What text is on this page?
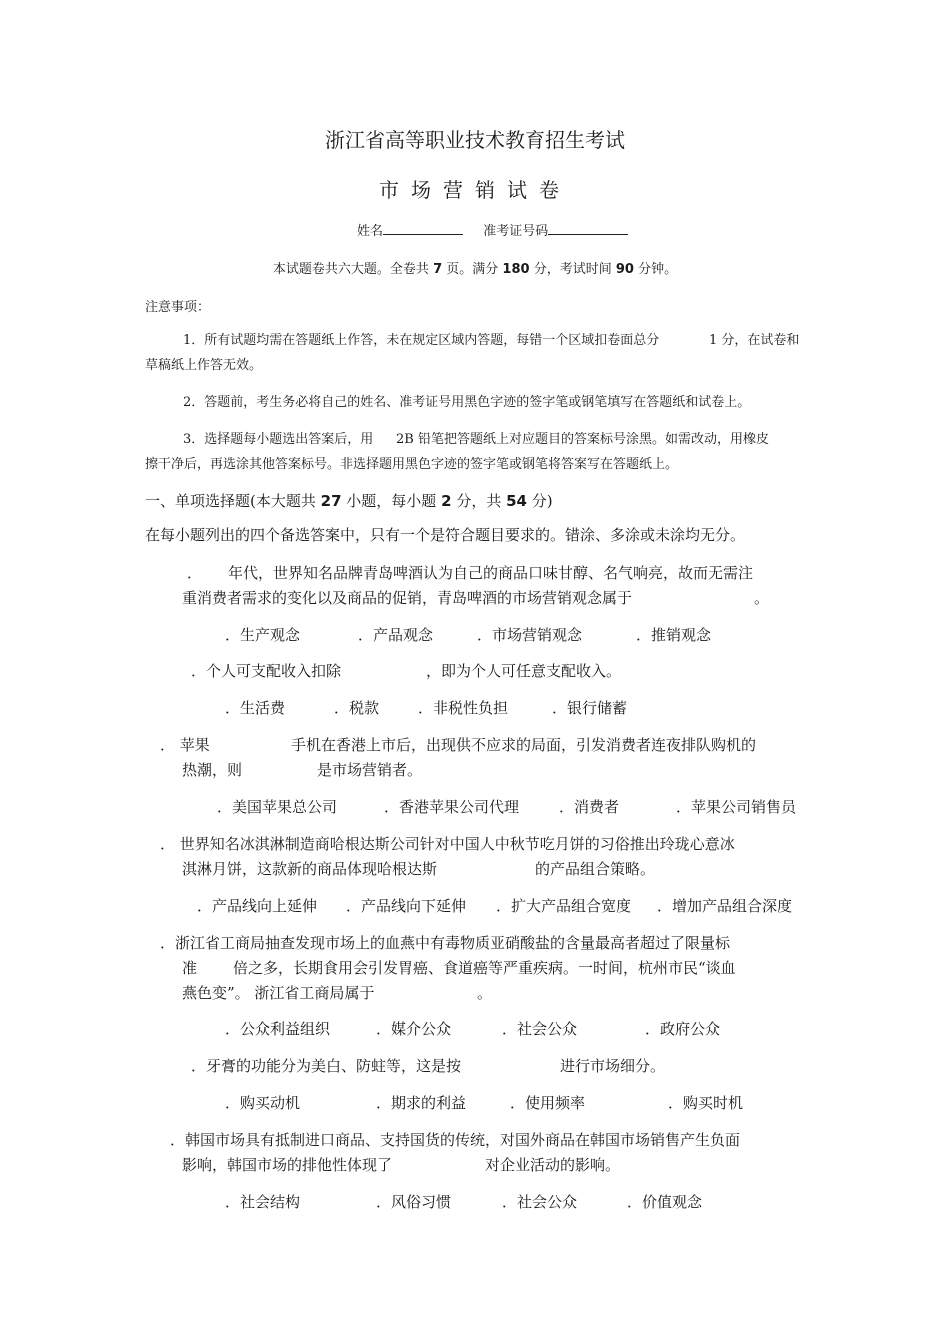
浙江省高等职业技术教育招生考试
市场营销试卷
姓名	准考证号码
本试题卷共六大题。全卷共 7 页。满分 180 分，考试时间 90 分钟。
注意事项：
1．所有试题均需在答题纸上作答，未在规定区域内答题，每错一个区域扣卷面总分	1 分，在试卷和
草稿纸上作答无效。
2．答题前，考生务必将自己的姓名、准考证号用黑色字迹的签字笔或钢笔填写在答题纸和试卷上。
3．选择题每小题选出答案后，用 2B 铅笔把答题纸上对应题目的答案标号涂黑。如需改动，用橡皮
擦干净后，再选涂其他答案标号。非选择题用黑色字迹的签字笔或钢笔将答案写在答题纸上。
一、单项选择题(本大题共 27 小题，每小题 2 分，共 54 分)
在每小题列出的四个备选答案中，只有一个是符合题目要求的。错涂、多涂或未涂均无分。
． 年代，世界知名品牌青岛啤酒认为自己的商品口味甘醇、名气响亮，故而无需注
重消费者需求的变化以及商品的促销，青岛啤酒的市场营销观念属于	。
．生产观念	．产品观念	．市场营销观念	．推销观念
．个人可支配收入扣除	，即为个人可任意支配收入。
．生活费	．税款	．非税性负担	．银行储蓄
． 苹果	手机在香港上市后，出现供不应求的局面，引发消费者连夜排队购机的
热潮，则	是市场营销者。
．美国苹果总公司	．香港苹果公司代理	．消费者	．苹果公司销售员
． 世界知名冰淇淋制造商哈根达斯公司针对中国人中秋节吃月饼的习俗推出玲珑心意冰
淇淋月饼，这款新的商品体现哈根达斯	的产品组合策略。
．产品线向上延伸 ．产品线向下延伸 ．扩大产品组合宽度 ．增加产品组合深度
．浙江省工商局抽查发现市场上的血燕中有毒物质亚硝酸盐的含量最高者超过了限量标
准 倍之多，长期食用会引发胃癌、食道癌等严重疾病。一时间，杭州市民“谈血
燕色变”。 浙江省工商局属于	。
．公众利益组织	．媒介公众	．社会公众	．政府公众
．牙膏的功能分为美白、防蛀等，这是按	进行市场细分。
．购买动机	．期求的利益	．使用频率	．购买时机
．韩国市场具有抵制进口商品、支持国货的传统，对国外商品在韩国市场销售产生负面
影响，韩国市场的排他性体现了	对企业活动的影响。
．社会结构	．风俗习惯	．社会公众	．价值观念
